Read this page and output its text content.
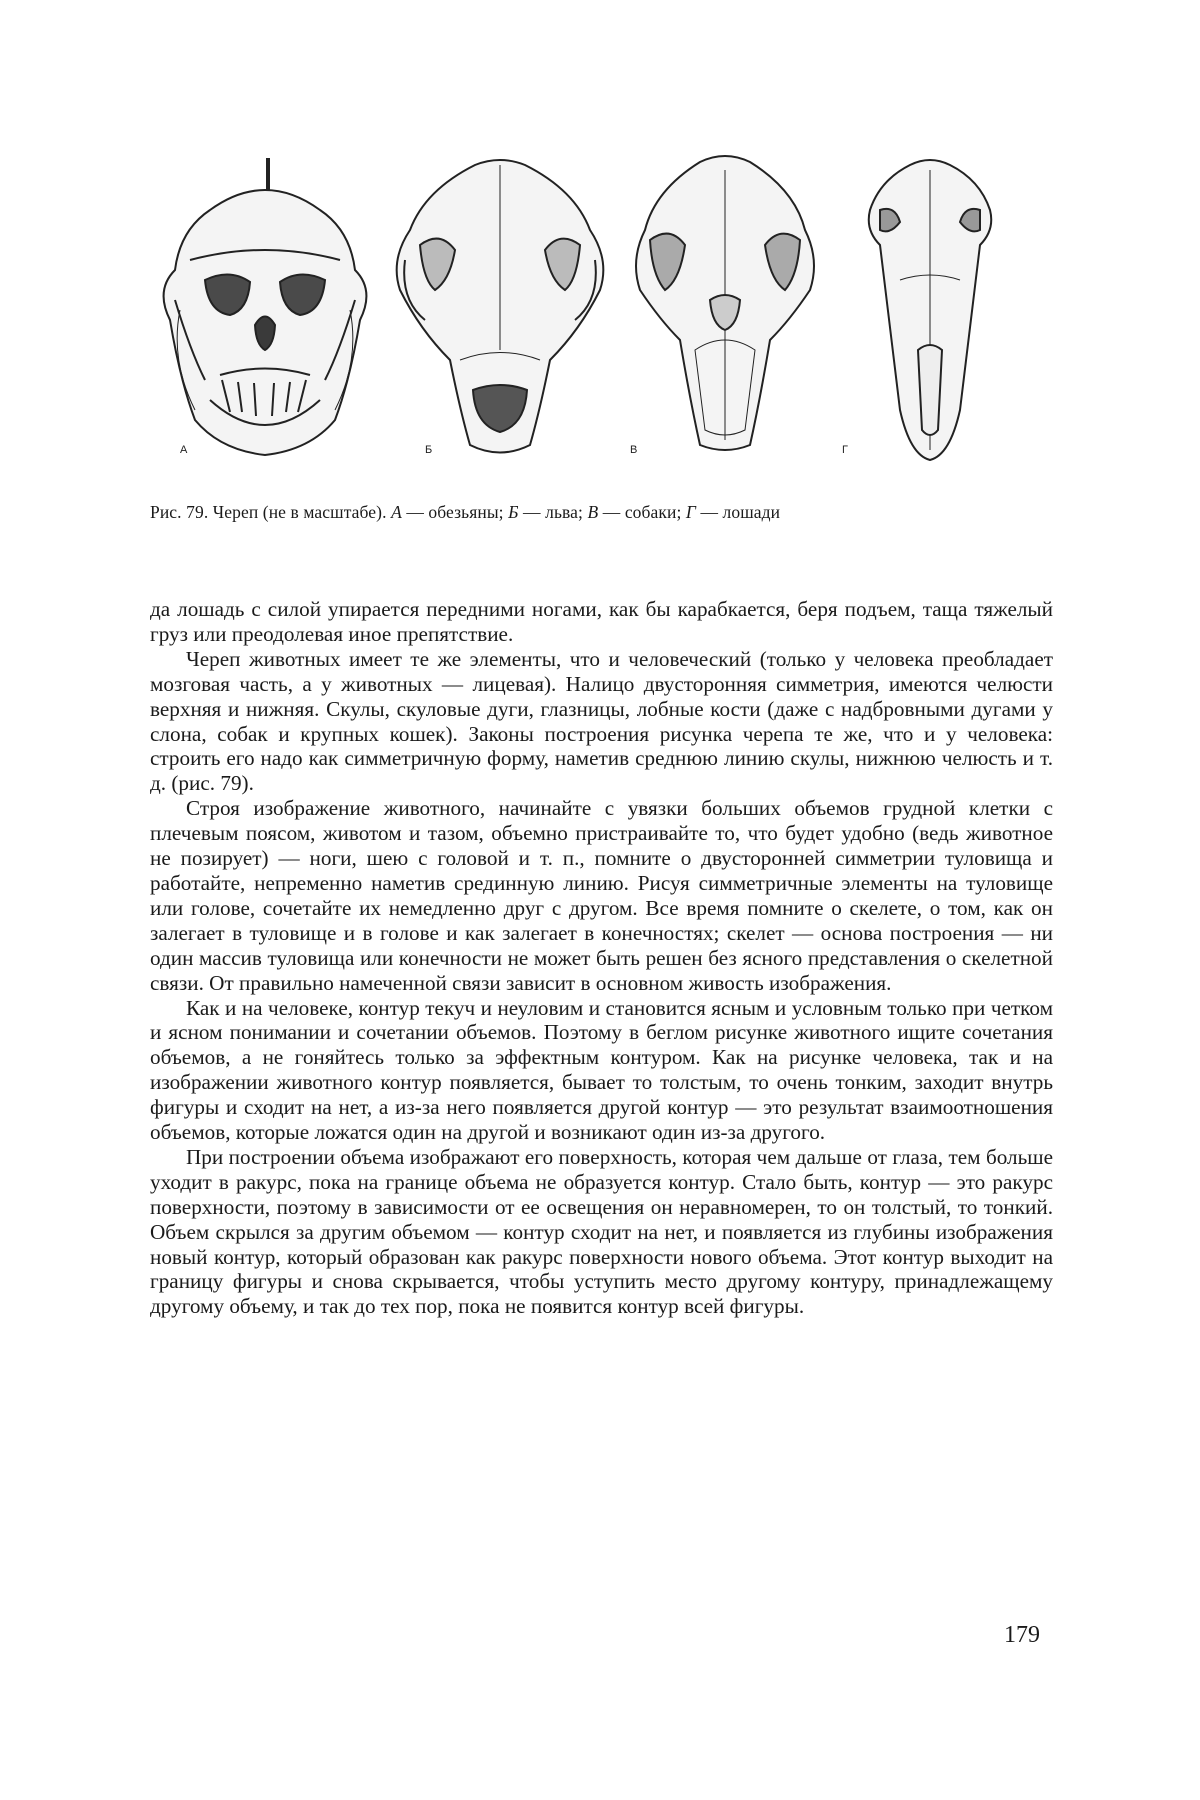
А	Б	В	Г
Рис. 79. Череп (не в масштабе). А — обезьяны; Б — льва; В — собаки; Г — лошади

да лошадь с силой упирается передними ногами, как бы карабкается, беря подъем, таща тяжелый груз или преодолевая иное препятствие.

Череп животных имеет те же элементы, что и человеческий (только у человека преобладает мозговая часть, а у животных — лицевая). Налицо двусторонняя симметрия, имеются челюсти верхняя и нижняя. Скулы, скуловые дуги, глазницы, лобные кости (даже с надбровными дугами у слона, собак и крупных кошек). Законы построения рисунка черепа те же, что и у человека: строить его надо как симметричную форму, наметив среднюю линию скулы, нижнюю челюсть и т. д. (рис. 79).

Строя изображение животного, начинайте с увязки больших объемов грудной клетки с плечевым поясом, животом и тазом, объемно пристраивайте то, что будет удобно (ведь животное не позирует) — ноги, шею с головой и т. п., помните о двусторонней симметрии туловища и работайте, непременно наметив срединную линию. Рисуя симметричные элементы на туловище или голове, сочетайте их немедленно друг с другом. Все время помните о скелете, о том, как он залегает в туловище и в голове и как залегает в конечностях; скелет — основа построения — ни один массив туловища или конечности не может быть решен без ясного представления о скелетной связи. От правильно намеченной связи зависит в основном живость изображения.

Как и на человеке, контур текуч и неуловим и становится ясным и условным только при четком и ясном понимании и сочетании объемов. Поэтому в беглом рисунке животного ищите сочетания объемов, а не гоняйтесь только за эффектным контуром. Как на рисунке человека, так и на изображении животного контур появляется, бывает то толстым, то очень тонким, заходит внутрь фигуры и сходит на нет, а из-за него появляется другой контур — это результат взаимоотношения объемов, которые ложатся один на другой и возникают один из-за другого.

При построении объема изображают его поверхность, которая чем дальше от глаза, тем больше уходит в ракурс, пока на границе объема не образуется контур. Стало быть, контур — это ракурс поверхности, поэтому в зависимости от ее освещения он неравномерен, то он толстый, то тонкий. Объем скрылся за другим объемом — контур сходит на нет, и появляется из глубины изображения новый контур, который образован как ракурс поверхности нового объема. Этот контур выходит на границу фигуры и снова скрывается, чтобы уступить место другому контуру, принадлежащему другому объему, и так до тех пор, пока не появится контур всей фигуры.

179
